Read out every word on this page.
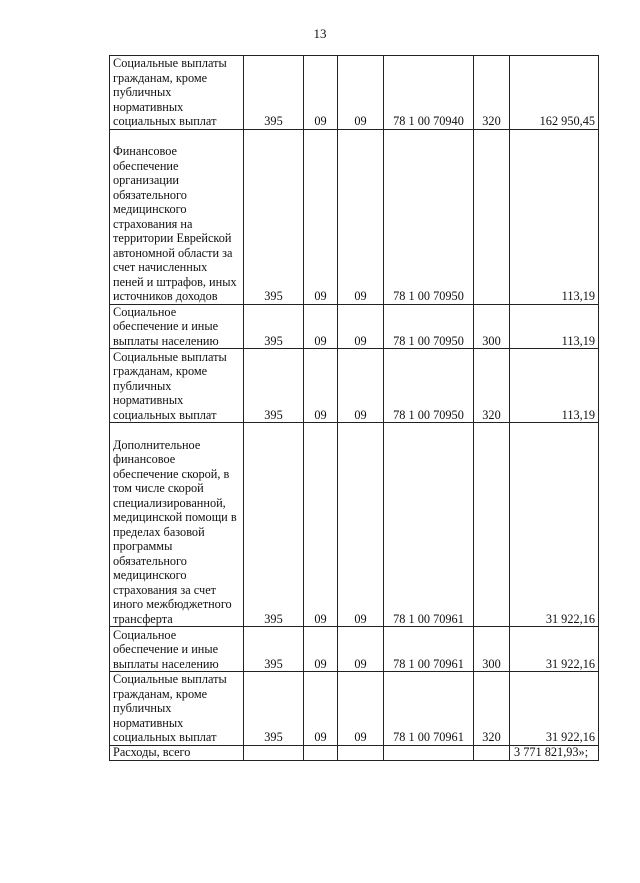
13
Социальные выплаты гражданам, кроме публичных нормативных социальных выплат	395	09	09	78 1 00 70940	320	162 950,45
Финансовое обеспечение организации обязательного медицинского страхования на территории Еврейской автономной области за счет начисленных пеней и штрафов, иных источников доходов	395	09	09	78 1 00 70950		113,19
Социальное обеспечение и иные выплаты населению	395	09	09	78 1 00 70950	300	113,19
Социальные выплаты гражданам, кроме публичных нормативных социальных выплат	395	09	09	78 1 00 70950	320	113,19
Дополнительное финансовое обеспечение скорой, в том числе скорой специализированной, медицинской помощи в пределах базовой программы обязательного медицинского страхования за счет иного межбюджетного трансферта	395	09	09	78 1 00 70961		31 922,16
Социальное обеспечение и иные выплаты населению	395	09	09	78 1 00 70961	300	31 922,16
Социальные выплаты гражданам, кроме публичных нормативных социальных выплат	395	09	09	78 1 00 70961	320	31 922,16
Расходы, всего						3 771 821,93»;
